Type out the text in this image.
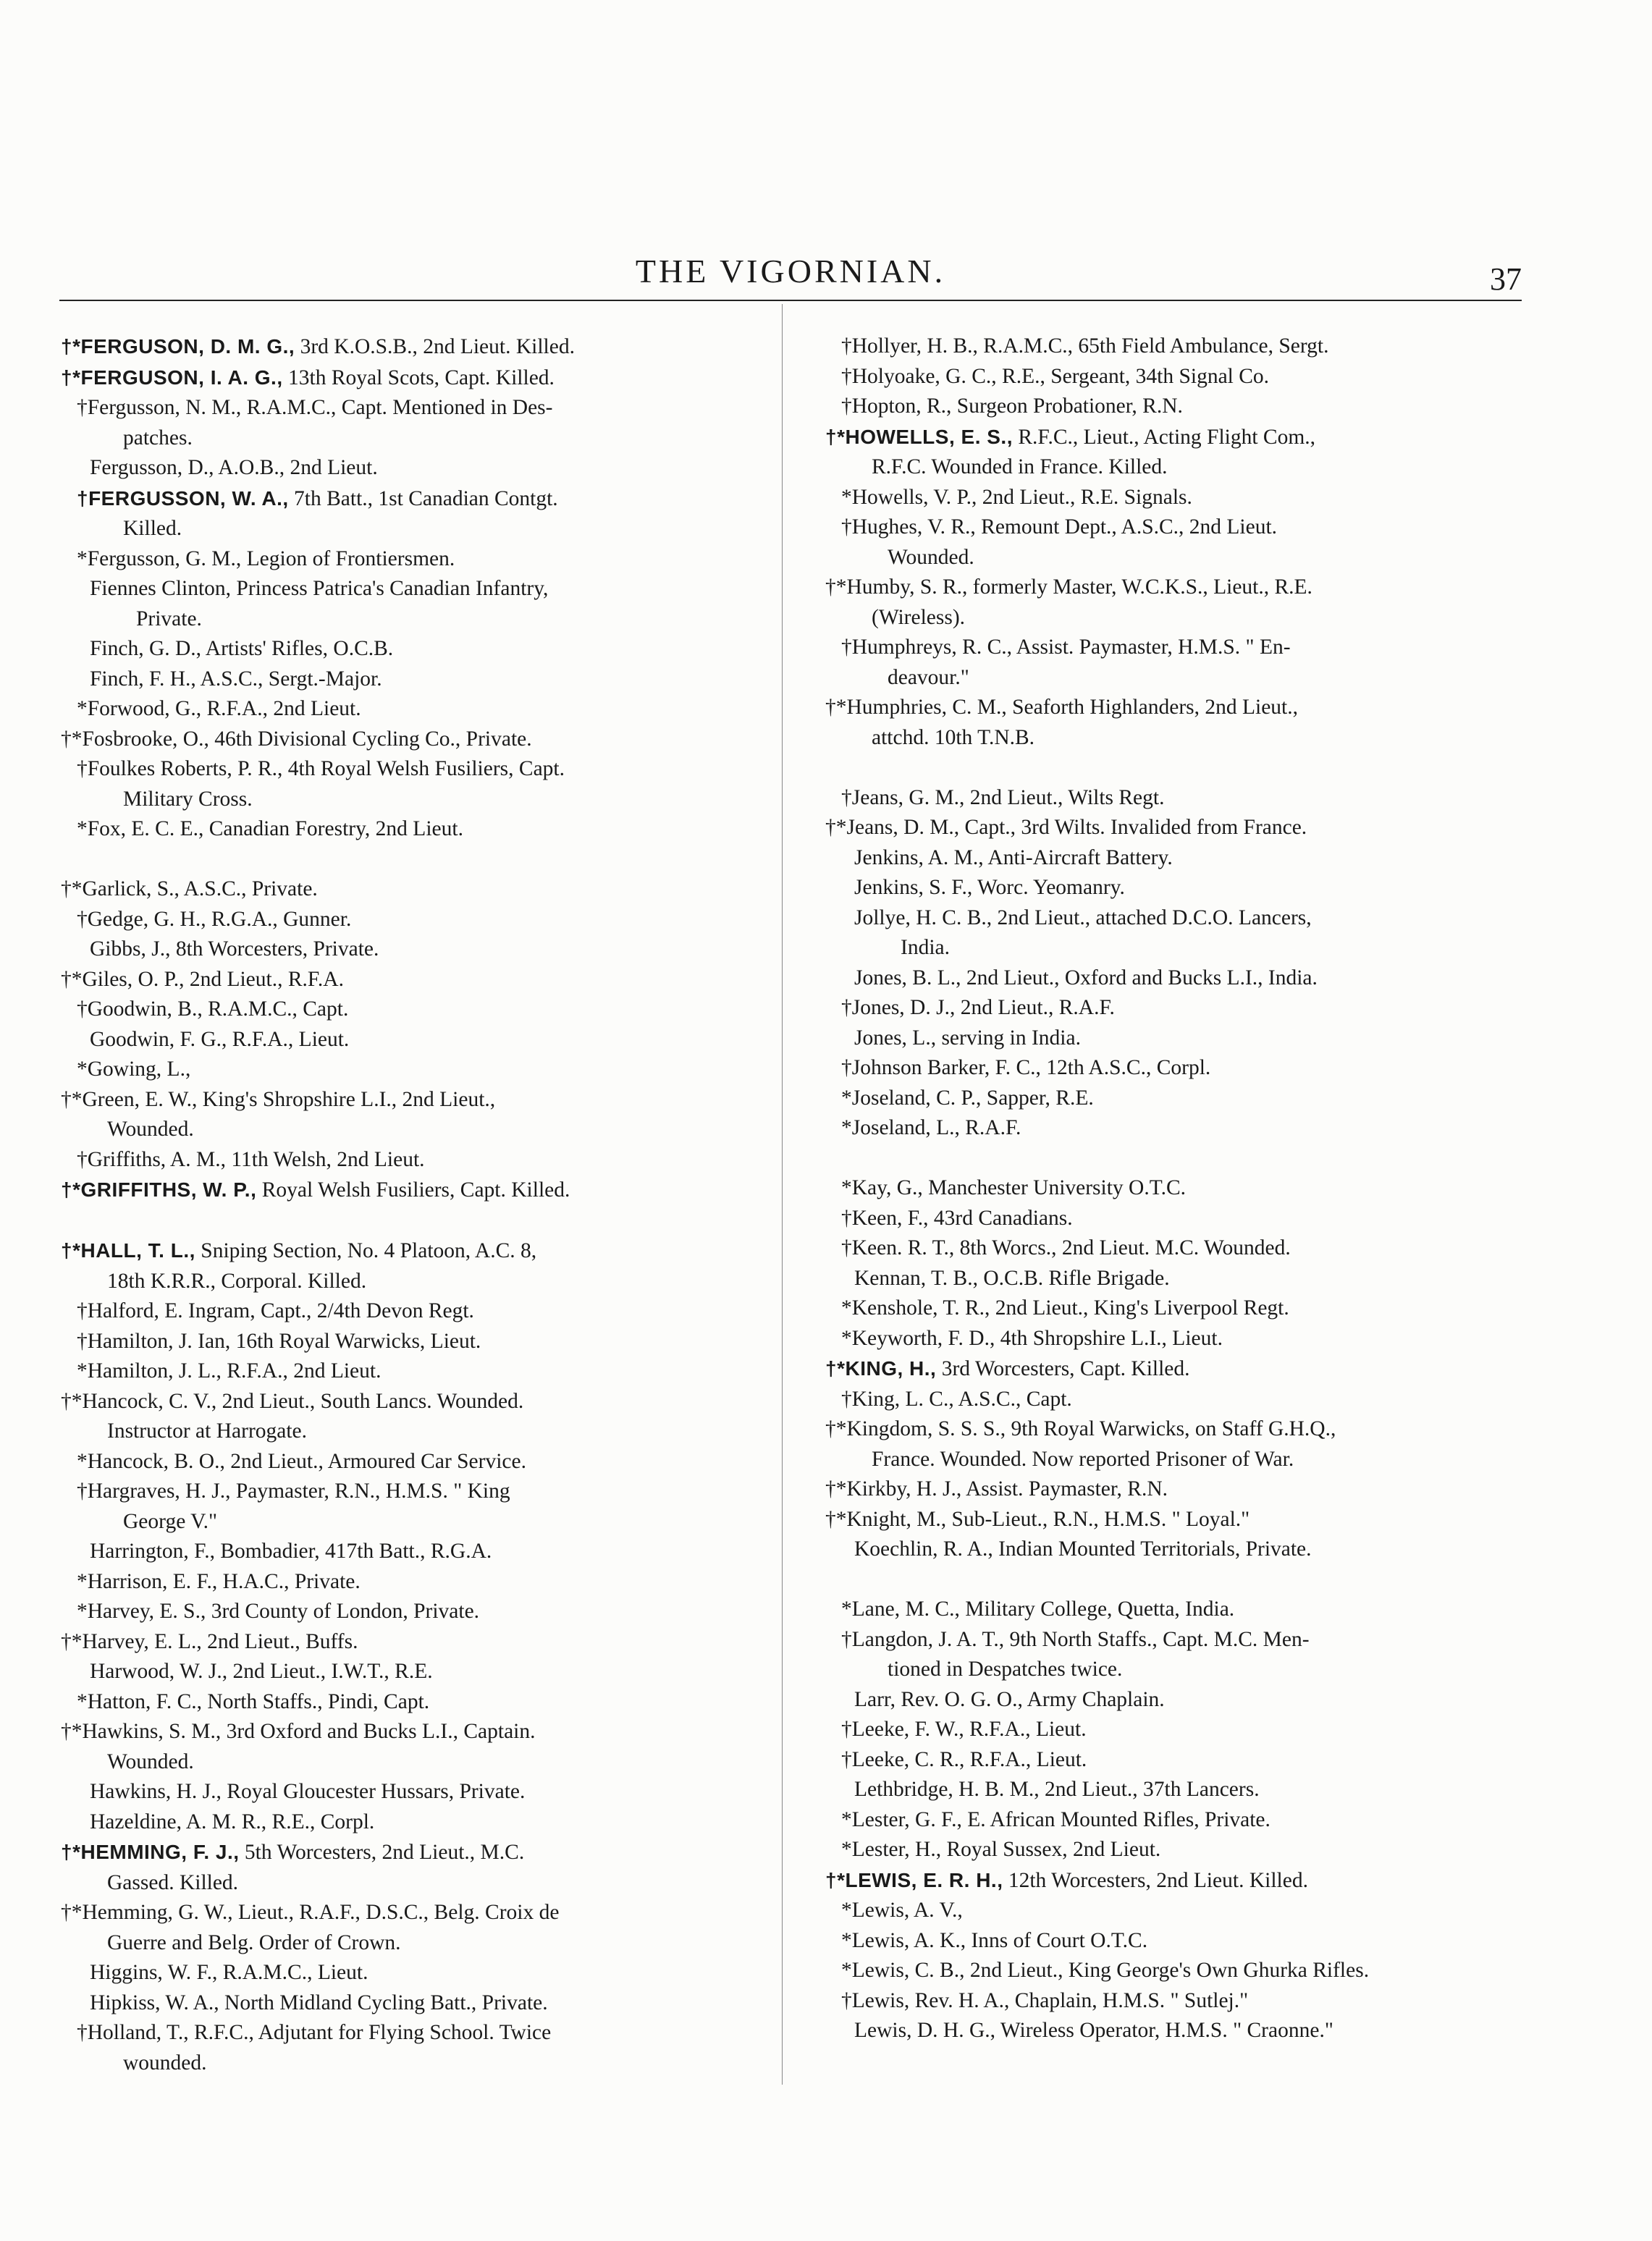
THE VIGORNIAN.	37
†*FERGUSON, D. M. G., 3rd K.O.S.B., 2nd Lieut. Killed.
†*FERGUSON, I. A. G., 13th Royal Scots, Capt. Killed.
†Fergusson, N. M., R.A.M.C., Capt. Mentioned in Des-
patches.
Fergusson, D., A.O.B., 2nd Lieut.
†FERGUSSON, W. A., 7th Batt., 1st Canadian Contgt.
Killed.
*Fergusson, G. M., Legion of Frontiersmen.
Fiennes Clinton, Princess Patrica's Canadian Infantry,
Private.
Finch, G. D., Artists' Rifles, O.C.B.
Finch, F. H., A.S.C., Sergt.-Major.
*Forwood, G., R.F.A., 2nd Lieut.
†*Fosbrooke, O., 46th Divisional Cycling Co., Private.
†Foulkes Roberts, P. R., 4th Royal Welsh Fusiliers, Capt.
Military Cross.
*Fox, E. C. E., Canadian Forestry, 2nd Lieut.
†*Garlick, S., A.S.C., Private.
†Gedge, G. H., R.G.A., Gunner.
Gibbs, J., 8th Worcesters, Private.
†*Giles, O. P., 2nd Lieut., R.F.A.
†Goodwin, B., R.A.M.C., Capt.
Goodwin, F. G., R.F.A., Lieut.
*Gowing, L.,
†*Green, E. W., King's Shropshire L.I., 2nd Lieut.,
Wounded.
†Griffiths, A. M., 11th Welsh, 2nd Lieut.
†*GRIFFITHS, W. P., Royal Welsh Fusiliers, Capt. Killed.
†*HALL, T. L., Sniping Section, No. 4 Platoon, A.C. 8,
18th K.R.R., Corporal. Killed.
†Halford, E. Ingram, Capt., 2/4th Devon Regt.
†Hamilton, J. Ian, 16th Royal Warwicks, Lieut.
*Hamilton, J. L., R.F.A., 2nd Lieut.
†*Hancock, C. V., 2nd Lieut., South Lancs. Wounded.
Instructor at Harrogate.
*Hancock, B. O., 2nd Lieut., Armoured Car Service.
†Hargraves, H. J., Paymaster, R.N., H.M.S. " King
George V."
Harrington, F., Bombadier, 417th Batt., R.G.A.
*Harrison, E. F., H.A.C., Private.
*Harvey, E. S., 3rd County of London, Private.
†*Harvey, E. L., 2nd Lieut., Buffs.
Harwood, W. J., 2nd Lieut., I.W.T., R.E.
*Hatton, F. C., North Staffs., Pindi, Capt.
†*Hawkins, S. M., 3rd Oxford and Bucks L.I., Captain.
Wounded.
Hawkins, H. J., Royal Gloucester Hussars, Private.
Hazeldine, A. M. R., R.E., Corpl.
†*HEMMING, F. J., 5th Worcesters, 2nd Lieut., M.C.
Gassed. Killed.
†*Hemming, G. W., Lieut., R.A.F., D.S.C., Belg. Croix de
Guerre and Belg. Order of Crown.
Higgins, W. F., R.A.M.C., Lieut.
Hipkiss, W. A., North Midland Cycling Batt., Private.
†Holland, T., R.F.C., Adjutant for Flying School. Twice
wounded.
†Hollyer, H. B., R.A.M.C., 65th Field Ambulance, Sergt.
†Holyoake, G. C., R.E., Sergeant, 34th Signal Co.
†Hopton, R., Surgeon Probationer, R.N.
†*HOWELLS, E. S., R.F.C., Lieut., Acting Flight Com.,
R.F.C. Wounded in France. Killed.
*Howells, V. P., 2nd Lieut., R.E. Signals.
†Hughes, V. R., Remount Dept., A.S.C., 2nd Lieut.
Wounded.
†*Humby, S. R., formerly Master, W.C.K.S., Lieut., R.E.
(Wireless).
†Humphreys, R. C., Assist. Paymaster, H.M.S. " En-
deavour."
†*Humphries, C. M., Seaforth Highlanders, 2nd Lieut.,
attchd. 10th T.N.B.
†Jeans, G. M., 2nd Lieut., Wilts Regt.
†*Jeans, D. M., Capt., 3rd Wilts. Invalided from France.
Jenkins, A. M., Anti-Aircraft Battery.
Jenkins, S. F., Worc. Yeomanry.
Jollye, H. C. B., 2nd Lieut., attached D.C.O. Lancers,
India.
Jones, B. L., 2nd Lieut., Oxford and Bucks L.I., India.
†Jones, D. J., 2nd Lieut., R.A.F.
Jones, L., serving in India.
†Johnson Barker, F. C., 12th A.S.C., Corpl.
*Joseland, C. P., Sapper, R.E.
*Joseland, L., R.A.F.
*Kay, G., Manchester University O.T.C.
†Keen, F., 43rd Canadians.
†Keen. R. T., 8th Worcs., 2nd Lieut. M.C. Wounded.
Kennan, T. B., O.C.B. Rifle Brigade.
*Kenshole, T. R., 2nd Lieut., King's Liverpool Regt.
*Keyworth, F. D., 4th Shropshire L.I., Lieut.
†*KING, H., 3rd Worcesters, Capt. Killed.
†King, L. C., A.S.C., Capt.
†*Kingdom, S. S. S., 9th Royal Warwicks, on Staff G.H.Q.,
France. Wounded. Now reported Prisoner of War.
†*Kirkby, H. J., Assist. Paymaster, R.N.
†*Knight, M., Sub-Lieut., R.N., H.M.S. " Loyal."
Koechlin, R. A., Indian Mounted Territorials, Private.
*Lane, M. C., Military College, Quetta, India.
†Langdon, J. A. T., 9th North Staffs., Capt. M.C. Men-
tioned in Despatches twice.
Larr, Rev. O. G. O., Army Chaplain.
†Leeke, F. W., R.F.A., Lieut.
†Leeke, C. R., R.F.A., Lieut.
Lethbridge, H. B. M., 2nd Lieut., 37th Lancers.
*Lester, G. F., E. African Mounted Rifles, Private.
*Lester, H., Royal Sussex, 2nd Lieut.
†*LEWIS, E. R. H., 12th Worcesters, 2nd Lieut. Killed.
*Lewis, A. V.,
*Lewis, A. K., Inns of Court O.T.C.
*Lewis, C. B., 2nd Lieut., King George's Own Ghurka Rifles.
†Lewis, Rev. H. A., Chaplain, H.M.S. " Sutlej."
Lewis, D. H. G., Wireless Operator, H.M.S. " Craonne."
